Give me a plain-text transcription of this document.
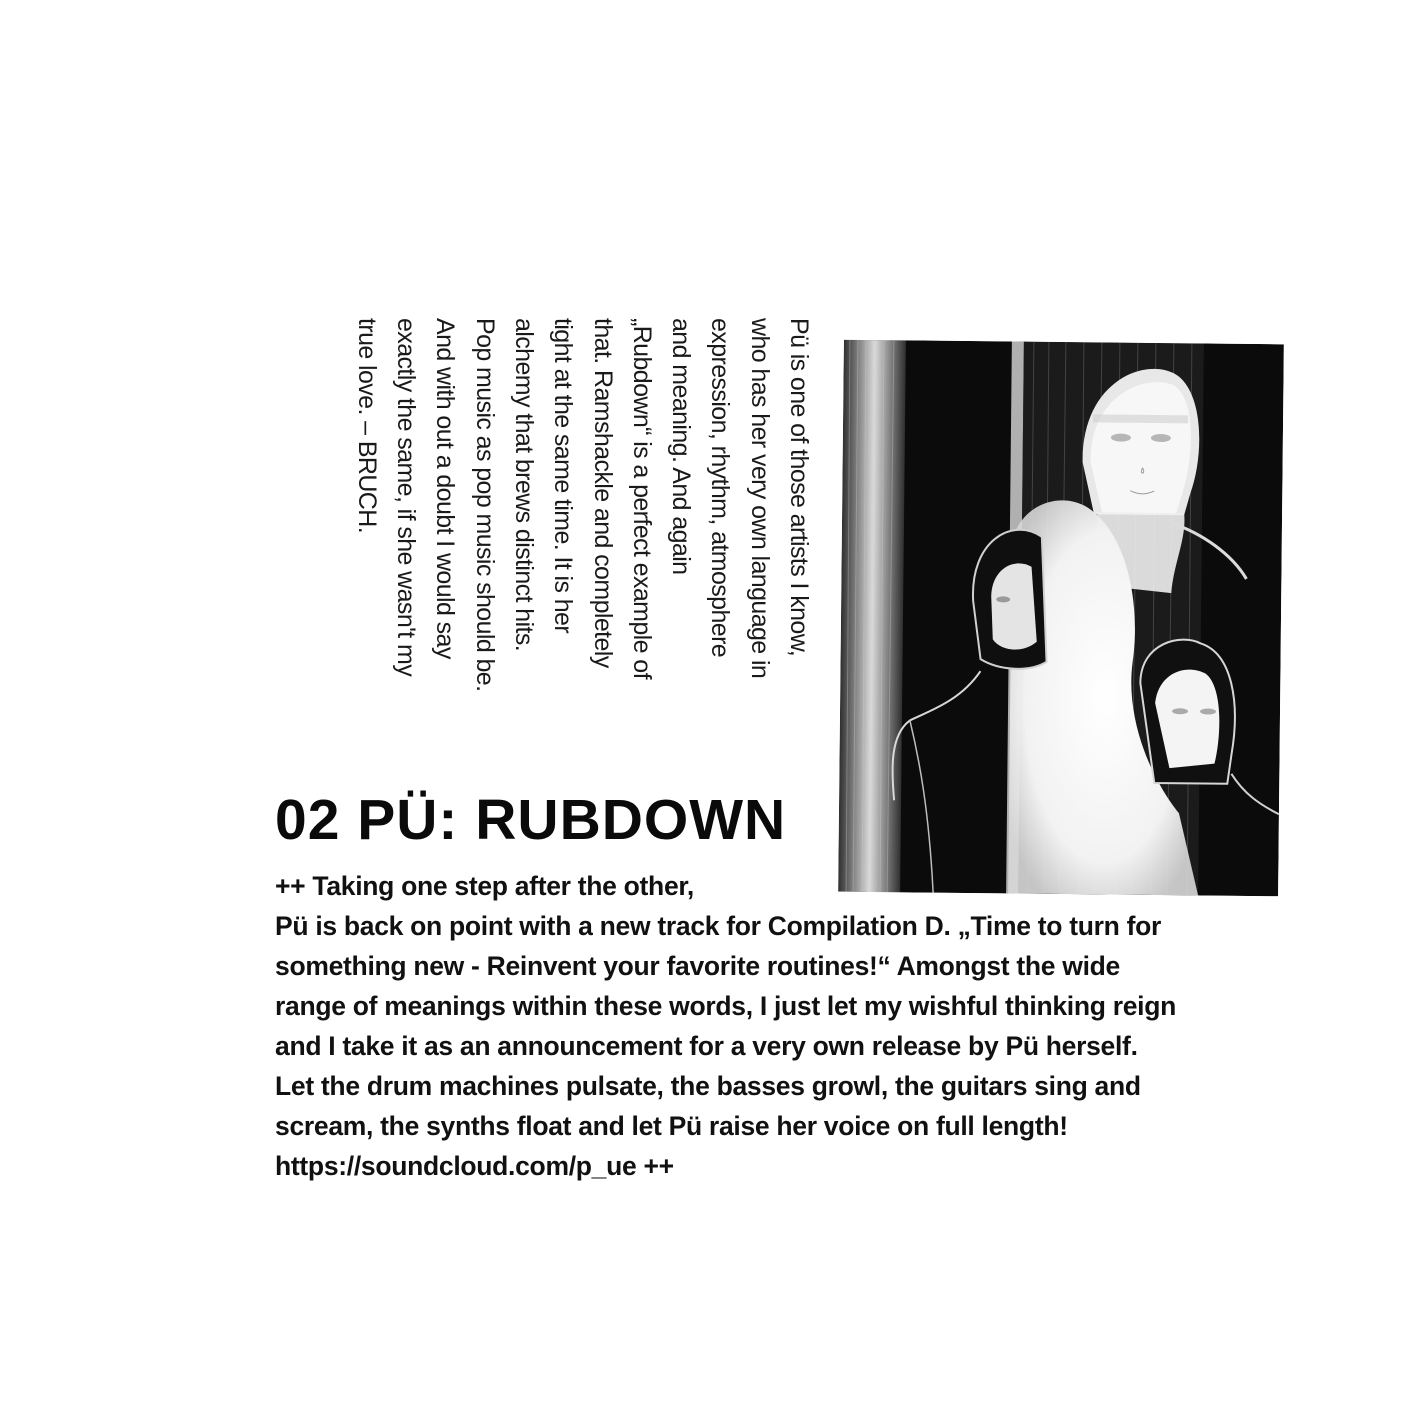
Pü is one of those artists I know,
who has her very own language in
expression, rhythm, atmosphere
and meaning. And again
„Rubdown“ is a perfect example of
that. Ramshackle and completely
tight at the same time. It is her
alchemy that brews distinct hits.
Pop music as pop music should be.
And with out a doubt I would say
exactly the same, if she wasn't my
true love. – BRUCH.
02 PÜ: RUBDOWN
++ Taking one step after the other,
Pü is back on point with a new track for Compilation D. „Time to turn for
something new - Reinvent your favorite routines!“ Amongst the wide
range of meanings within these words, I just let my wishful thinking reign
and I take it as an announcement for a very own release by Pü herself.
Let the drum machines pulsate, the basses growl, the guitars sing and
scream, the synths float and let Pü raise her voice on full length!
https://soundcloud.com/p_ue ++
